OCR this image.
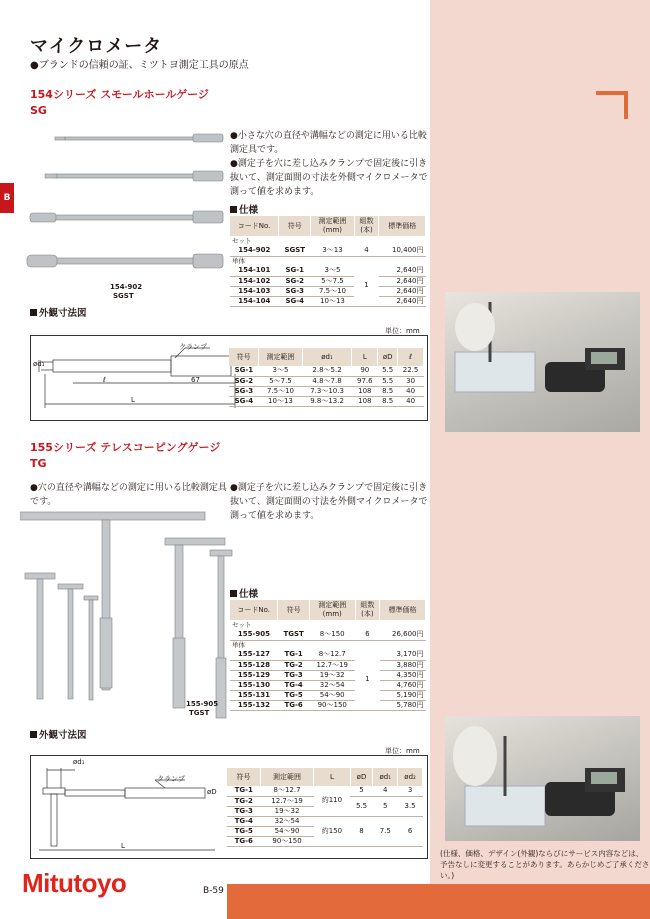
B
マイクロメータ
●ブランドの信頼の証、ミツトヨ測定工具の原点
154シリーズ スモールホールゲージ
SG
154-902
SGST
●小さな穴の直径や溝幅などの測定に用いる比較測定具です。
●測定子を穴に差し込みクランプで固定後に引き抜いて、測定面間の寸法を外側マイクロメータで測って値を求めます。
仕様
コードNo.	符号	測定範囲
(mm)	組数
(本)	標準価格
セット				
154-902	SGST	3〜13	4	10,400円
単体				
154-101	SG-1	3〜5	1	2,640円
154-102	SG-2	5〜7.5		2,640円
154-103	SG-3	7.5〜10		2,640円
154-104	SG-4	10〜13		2,640円
外観寸法図
単位：mm
クランプ
ød₁
ℓ	67
L
符号	測定範囲	ød₁	L	øD	ℓ
SG-1	3〜5	2.8〜5.2	90	5.5	22.5
SG-2	5〜7.5	4.8〜7.8	97.6	5.5	30
SG-3	7.5〜10	7.3〜10.3	108	8.5	40
SG-4	10〜13	9.8〜13.2	108	8.5	40
155シリーズ テレスコーピングゲージ
TG
●穴の直径や溝幅などの測定に用いる比較測定具です。
●測定子を穴に差し込みクランプで固定後に引き抜いて、測定面間の寸法を外側マイクロメータで測って値を求めます。
155-905
TGST
仕様
コードNo.	符号	測定範囲
(mm)	組数
(本)	標準価格
セット				
155-905	TGST	8〜150	6	26,600円
単体				
155-127	TG-1	8〜12.7	1	3,170円
155-128	TG-2	12.7〜19		3,880円
155-129	TG-3	19〜32		4,350円
155-130	TG-4	32〜54		4,760円
155-131	TG-5	54〜90		5,190円
155-132	TG-6	90〜150		5,780円
外観寸法図
単位：mm
ød₁
クランプ
øD
L
符号	測定範囲	L	øD	ød₁	ød₂
TG-1	8〜12.7	約110	5	4	3
TG-2	12.7〜19		5.5	5	3.5
TG-3	19〜32				
TG-4	32〜54	約150	8	7.5	6
TG-5	54〜90				
TG-6	90〜150				
(仕様、価格、デザイン(外観)ならびにサービス内容などは、
予告なしに変更することがあります。あらかじめご了承ください。)
Mitutoyo	B-59
